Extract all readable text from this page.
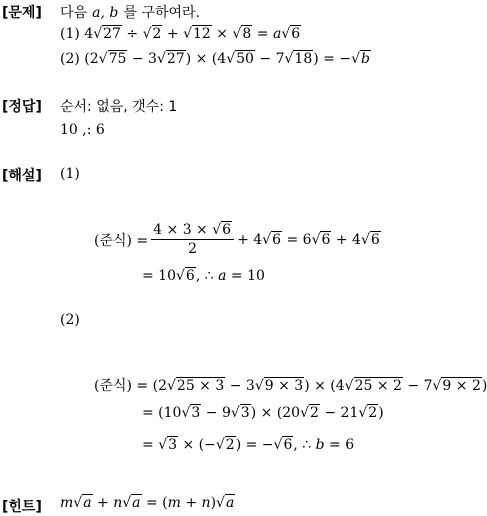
[문제] 다음 a, b 를 구하여라.
(1) 4√27 ÷ √2 + √12 × √8 = a√6
(2) (2√75 − 3√27) × (4√50 − 7√18) = −√b
[정답] 순서: 없음, 갯수: 1
10 ,: 6
[해설] (1)
(준식) = $\frac{4 \times 3 \times √6}{2} + 4√6 = 6√6 + 4√6$
= 10√6, ∴ a = 10
(2)
(준식) = (2√25 × 3 − 3√9 × 3) × (4√25 × 2 − 7√9 × 2)
= (10√3 − 9√3) × (20√2 − 21√2)
= √3 × (−√2) = −√6, ∴ b = 6
[힌트] m√a + n√a = (m + n)√a
